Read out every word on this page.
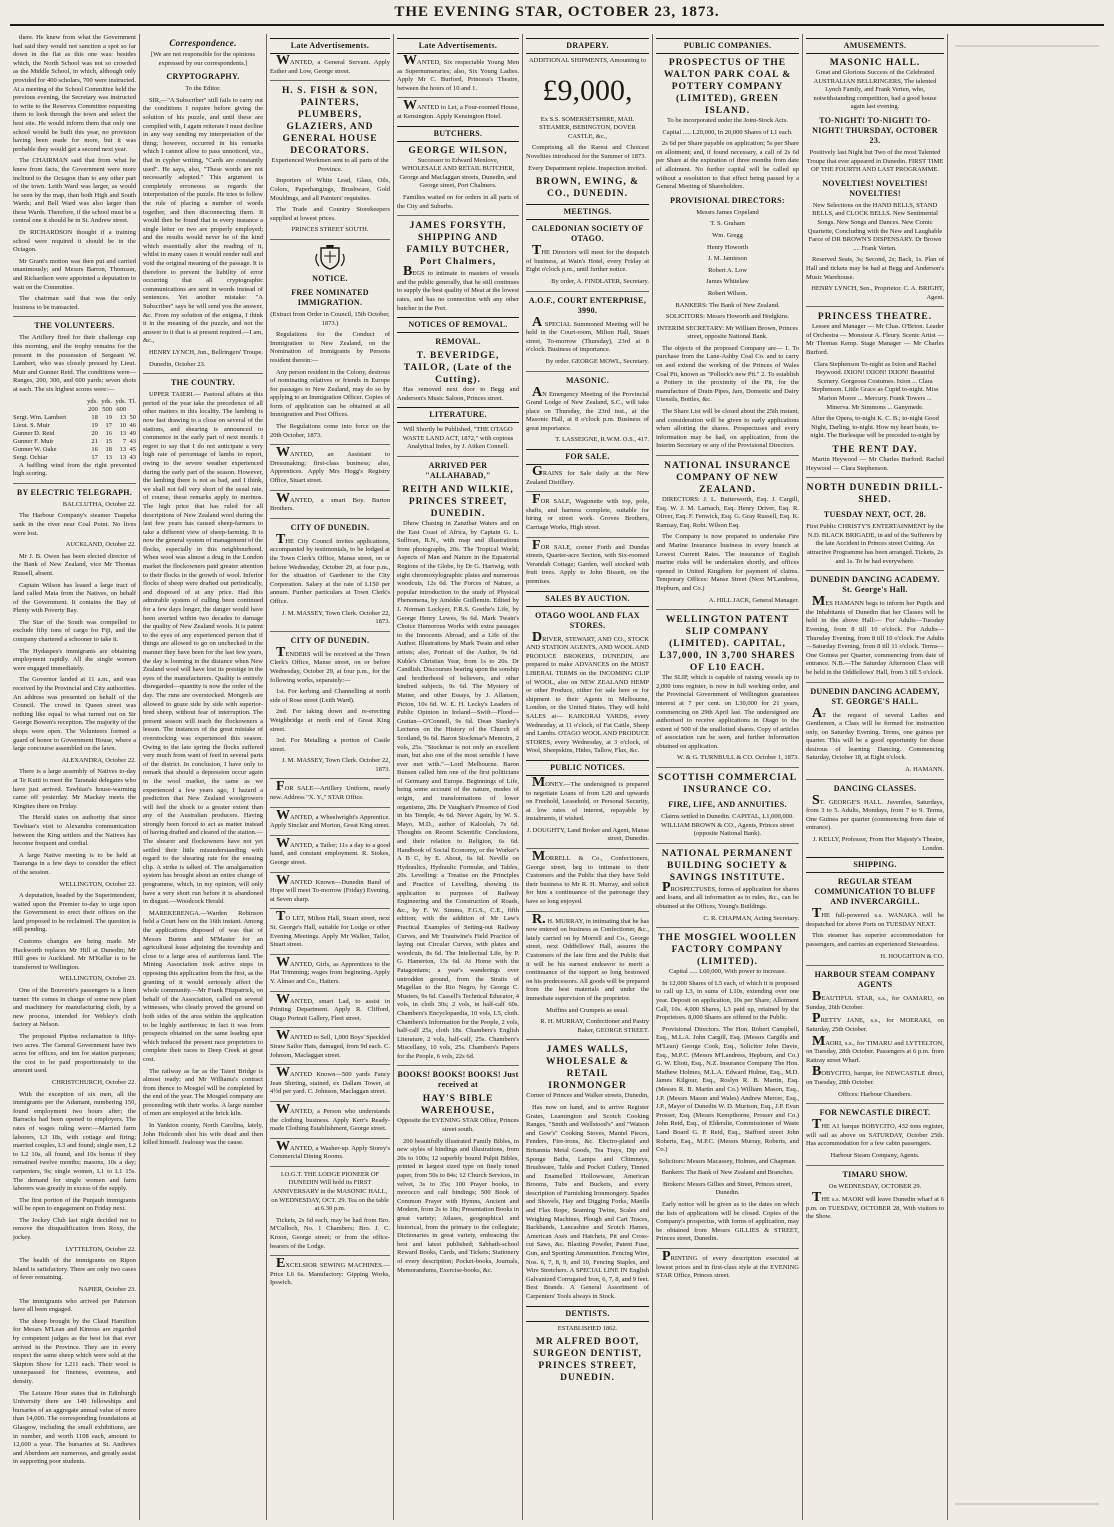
THE EVENING STAR, OCTOBER 23, 1873.

there. He knew from what the Government had said they would not sanction a spot so far down in the flat as this one was: besides which, the North School was not so crowded as the Middle School, in which, although only provided for 400 scholars, 700 were instructed. At a meeting of the School Committee held the previous evening, the Secretary was instructed to write to the Reserves Committee requesting them to look through the town and select the best site. He would inform them that only one school would be built this year, no provision having been made for more, but it was probable they would get a second next year.

The CHAIRMAN said that from what he knew from facts, the Government were more inclined to the Octagon than to any other part of the town. Leith Ward was larger, as would be seen by the map, than both High and South Wards; and Bell Ward was also larger than these Wards. Therefore, if the school must be a central one it should be in St. Andrew street.

Dr RICHARDSON thought if a training school were required it should be in the Octagon.

Mr Grant's motion was then put and carried unanimously; and Messrs Barron, Thomson, and Richardson were appointed a deputation to wait on the Committee.

The chairman said that was the only business to be transacted.

THE VOLUNTEERS.

The Artillery fired for their challenge cup this morning, and the trophy remains for the present in the possession of Sergeant W. Lambert, who was closely pressed by Lieut. Muir and Gunner Reid. The conditions were—Ranges, 200, 300, and 600 yards; seven shots at each. The six highest scores were:—

	yds.	yds.	yds.	Tl.
	200	500	600	
Sergt. Wm. Lambert	18	19	13	50
Lieut. S. Muir	19	17	10	46
Gunner D. Reid	20	16	13	49
Gunner F. Muir	21	15	7	43
Gunner W. Oake	16	18	13	45
Sergt. Ochiar	17	13	13	43

A baffling wind from the right prevented high scoring.

BY ELECTRIC TELEGRAPH.

BALCLUTHA, October 22.

The Harbour Company's steamer Tuapeka sank in the river near Coal Point. No lives were lost.

AUCKLAND, October 22.

Mr J. B. Owen has been elected director of the Bank of New Zealand, vice Mr Thomas Russell, absent.

Captain Wilson has leased a large tract of land called Mata from the Natives, on behalf of the Government. It contains the Bay of Plenty with Poverty Bay.

The Star of the South was compelled to exclude fifty tons of cargo for Fiji, and the company chartered a schooner to take it.

The Hydaspes's immigrants are obtaining employment rapidly. All the single women were engaged immediately.

The Governor landed at 11 a.m., and was received by the Provincial and City authorities. An address was presented on behalf of the Council. The crowd in Queen street was nothing like equal to what turned out on Sir George Bowen's reception. The majority of the shops were open. The Volunteers formed a guard of honor to Government House, where a large concourse assembled on the lawn.

ALEXANDRA, October 22.

There is a large assembly of Natives to-day at Te Kuiti to meet the Taranaki delegates who have just arrived. Tawhiao's house-warming came off yesterday. Mr Mackay meets the Kingites there on Friday.

The Herald states on authority that since Tawhiao's visit to Alexandra communication between the King settlers and the Natives has become frequent and cordial.

A large Native meeting is to be held at Tauranga in a few days to consider the effect of the session.

WELLINGTON, October 22.

A deputation, headed by the Superintendent, waited upon the Premier to-day to urge upon the Government to erect their offices on the land proposed to be reclaimed. The question is still pending.

Customs changes are being made. Mr Hackworth replaces Mr Hill at Dunedin; Mr Hill goes to Auckland. Mr M'Kellar is to be transferred to Wellington.

WELLINGTON, October 23.

One of the Bouverie's passengers is a linen turner. He comes in charge of some new plant and machinery for manufacturing cloth, by a new process, intended for Webley's cloth factory at Nelson.

The proposed Pipitea reclamation is fifty-two acres. The General Government have two acres for offices, and ten for station purposes; the cost to be paid proportionately to the amount used.

CHRISTCHURCH, October 22.

With the exception of six men, all the immigrants per the Adamant, numbering 150, found employment two hours after; the Barracks had been opened to employers. The rates of wages ruling were:—Married farm laborers, L3 18s, with cottage and firing; married couples, L3 and found; single men, L2 to L2 10s, all found, and 10s bonus if they remained twelve months; masons, 10s a day; carpenters, 9s; single women, L1 to L1 15s. The demand for single women and farm laborers was greatly in excess of the supply.

The first portion of the Punjaub immigrants will be open to engagement on Friday next.

The Jockey Club last night decided not to remove the disqualification from Roxy, the jockey.

LYTTELTON, October 22.

The health of the immigrants on Ripon Island is satisfactory. There are only two cases of fever remaining.

NAPIER, October 23.

The immigrants who arrived per Paterson have all been engaged.

The sheep brought by the Claud Hamilton for Messrs M'Lean and Kinross are regarded by competent judges as the best lot that ever arrived in the Province. They are in every respect the same sheep which were sold at the Skipton Show for L211 each. Their wool is unsurpassed for fineness, evenness, and density.

The Leisure Hour states that in Edinburgh University there are 140 fellowships and bursaries of an aggregate annual value of more than 14,000. The corresponding foundations at Glasgow, including the small exhibitions, are in number, and worth 1108 each, amount to 12,600 a year. The bursaries at St. Andrews and Aberdeen are numerous, and greatly assist in supporting poor students.

Correspondence.

[We are not responsible for the opinions expressed by our correspondents.]

CRYPTOGRAPHY.

To the Editor.

SIR,—"A Subscriber" still fails to carry out the conditions I require before giving the solution of his puzzle, and until these are complied with, I again reiterate I must decline in any way sending my interpretation of the thing; however, occurred in his remarks which I cannot allow to pass unnoticed, viz., that in cypher writing, "Cards are constantly used". He says, also, "These words are not necessarily adopted." This argument is completely erroneous as regards the interpretation of the puzzle. He tries to follow the rule of placing a number of words together, and then disconnecting them. It would then be found that in every instance a single letter or two are properly employed; and the results would never be of the kind which essentially alter the reading of it, whilst in many cases it would render null and void the original meaning of the passage. It is therefore to prevent the liability of error occurring that all cryptographic communications are sent in words instead of sentences. Yet another mistake: "A Subscriber" says he will send you the answer, &c. From my solution of the enigma, I think it in the meaning of the puzzle, and not the answer to it that is at present required.—I am, &c.,

HENRY LYNCH, Jun., Bellringers' Troupe.

Dunedin, October 23.

THE COUNTRY.

UPPER TAIERI.— Pastoral affairs at this period of the year take the precedence of all other matters in this locality. The lambing is now fast drawing to a close on several of the stations, and shearing is announced to commence in the early part of next month. I regret to say that I do not anticipate a very high rate of percentage of lambs to report, owing to the severe weather experienced during the early part of the season. However, the lambing there is not as bad, and I think, we shall not fall very short of the usual rate, of course, these remarks apply to merinos. The high price that has ruled for all descriptions of New Zealand wool during the last few years has caused sheep-farmers to take a different view of sheep-farming. It is now the general system of management of the flocks, especially in this neighbourhood. When wool was almost a drug in the London market the flockowners paid greater attention to their flocks in the growth of wool. Inferior flocks of sheep were drafted out periodically, and disposed of at any price. Had this admirable system of culling been continued for a few days longer, the danger would have been averted within two decades to damage the quality of New Zealand wools. It is patent to the eyes of any experienced person that if things are allowed to go on unchecked in the manner they have been for the last few years, the day is looming in the distance when New Zealand wool will have lost its prestige in the eyes of the manufacturers. Quality is entirely disregarded—quantity is now the order of the day. The runs are overstocked. Mongrels are allowed to graze side by side with superior-bred sheep, without fear of interruption. The present season will teach the flockowners a lesson. The instances of the great mistake of overstocking was experienced this season. Owing to the late spring the flocks suffered very much from want of feed in several parts of the district. In conclusion, I have only to remark that should a depression occur again in the wool market, the same as we experienced a few years ago, I hazard a prediction that New Zealand woolgrowers will feel the shock to a greater extent than any of the Australian producers. Having strongly been forced to act as matter instead of having drafted and cleared of the station.—The shearer and flockowners have not yet settled their little misunderstanding with regard to the shearing rate for the ensuing clip. A strike is talked of. The amalgamation system has brought about an entire change of programme, which, in my opinion, will only have a very short run before it is abandoned in disgust.—Woodcock Herald.

MAREKERENGA.—Warden Robinson held a Court here on the 16th instant. Among the applications disposed of was that of Messrs Burton and M'Master for an agricultural lease adjoining the township and close to a large area of auriferous land. The Mining Association took active steps in opposing this application from the first, as the granting of it would seriously affect the whole community.—Mr Frank Fitzpatrick, on behalf of the Association, called on several witnesses, who clearly proved the ground on both sides of the area within the application to be highly auriferous; in fact it was from prospects obtained on the same leading spur which induced the present race proprietors to complete their races to Deep Creek at great cost.

The railway as far as the Taieri Bridge is almost ready; and Mr Williams's contract from thence to Mosgiel will be completed by the end of the year. The Mosgiel company are proceeding with their works. A large number of men are employed at the brick kiln.

In Yankton county, North Carolina, lately, John Holcomb shot his wife dead and then killed himself. Jealousy was the cause.

Late Advertisements.

WANTED, a General Servant. Apply Esther and Low, George street.

H. S. FISH & SON, PAINTERS, PLUMBERS, GLAZIERS, AND GENERAL HOUSE DECORATORS.

Experienced Workmen sent to all parts of the Province.

Importers of White Lead, Glass, Oils, Colors, Paperhangings, Brushware, Gold Mouldings, and all Painters' requisites.

The Trade and Country Storekeepers supplied at lowest prices.

PRINCES STREET SOUTH.

NOTICE.
FREE NOMINATED IMMIGRATION.

(Extract from Order in Council, 15th October, 1873.)

Regulations for the Conduct of Immigration to New Zealand, on the Nomination of Immigrants by Persons resident therein:—

Any person resident in the Colony, desirous of nominating relatives or friends in Europe for passages to New Zealand, may do so by applying to an Immigration Officer. Copies of form of application can be obtained at all Immigration and Post Offices.

The Regulations come into force on the 20th October, 1873.

WANTED, an Assistant to Dressmaking; first-class business; also, Apprentices. Apply Mrs Hogg's Registry Office, Stuart street.

WANTED, a smart Boy. Burton Brothers.

CITY OF DUNEDIN.

THE City Council invites applications, accompanied by testimonials, to be lodged at the Town Clerk's Office, Manse street, on or before Wednesday, October 29, at four p.m., for the situation of Gardener to the City Corporation. Salary at the rate of L150 per annum. Further particulars at Town Clerk's Office.

J. M. MASSEY, Town Clerk. October 22, 1873.

CITY OF DUNEDIN.

TENDERS will be received at the Town Clerk's Office, Manse street, on or before Wednesday, October 29, at four p.m., for the following works, separately:—

1st. For kerbing and Channelling at north side of Rose street (Leith Ward).

2nd. For taking down and re-erecting Weighbridge at north end of Great King street.

3rd. For Metalling a portion of Castle street.

J. M. MASSEY, Town Clerk. October 22, 1873.

FOR SALE—Artillery Uniform, nearly new. Address "X. Y.," STAR Office.

WANTED, a Wheelwright's Apprentice. Apply Sinclair and Morton, Great King street.

WANTED, a Tailor; 11s a day to a good hand, and constant employment. R. Stokes, George street.

WANTED Known—Dunedin Band of Hope will meet To-morrow (Friday) Evening, at Seven sharp.

TO LET, Milton Hall, Stuart street, next St. George's Hall, suitable for Lodge or other Evening Meetings. Apply Mr Walker, Tailor, Stuart street.

WANTED, Girls, as Apprentices to the Hat Trimming; wages from beginning. Apply Y. Almao and Co., Hatters.

WANTED, smart Lad, to assist in Printing Department. Apply R. Clifford, Otago Portrait Gallery, Fleet street.

WANTED to Sell, 1,000 Boys' Speckled Straw Sailor Hats, damaged, from 9d each. C. Johnson, Maclaggan street.

WANTED Known—500 yards Fancy Jean Shirting, stained, ex Dallam Tower, at 4½d per yard. C. Johnson, Maclaggan street.

WANTED, a Person who understands the clothing business. Apply Kerr's Ready-made Clothing Establishment, George street.

WANTED, a Washer-up. Apply Storey's Commercial Dining Rooms.

I.O.G.T. THE LODGE PIONEER OF DUNEDIN Will hold its FIRST ANNIVERSARY in the MASONIC HALL, on WEDNESDAY, OCT. 29. Tea on the table at 6.30 p.m.

Tickets, 2s 6d each, may be had from Bro. M'Culloch, No. 1 Chambers; Bro. J. C. Kroon, George street; or from the office-bearers of the Lodge.

EXCELSIOR SEWING MACHINES.—Price L6 6s. Manufactory: Gipping Works, Ipswich.

Late Advertisements.

WANTED, Six respectable Young Men as Supernumeraries; also, Six Young Ladies. Apply Mr C. Burford, Princess's Theatre, between the hours of 10 and 1.

WANTED to Let, a Four-roomed House, at Kensington. Apply Kensington Hotel.

BUTCHERS.
GEORGE WILSON,

Successor to Edward Menlove, WHOLESALE AND RETAIL BUTCHER, George and Maclaggan streets, Dunedin, and George street, Port Chalmers.

Families waited on for orders in all parts of the City and Suburbs.

JAMES FORSYTH, SHIPPING AND FAMILY BUTCHER, Port Chalmers,

BEGS to intimate to masters of vessels and the public generally, that he still continues to supply the best quality of Meat at the lowest rates, and has no connection with any other butcher in the Port.

NOTICES OF REMOVAL.
REMOVAL.
T. BEVERIDGE, TAILOR, (Late of the Cutting).

Has removed next door to Begg and Anderson's Music Saloon, Princes street.

LITERATURE.

Will Shortly be Published, "THE OTAGO WASTE LAND ACT, 1872," with copious Analytical Index, by J. Aitken Connell.

ARRIVED PER "ALLAHABAD,"
REITH AND WILKIE, PRINCES STREET, DUNEDIN.

Dhow Chasing in Zanzibar Waters and on the East Coast of Africa, by Captain G. L. Sullivan, R.N., with map and illustrations from photographs, 20s. The Tropical World; Aspects of Man and Nature in the Equatorial Regions of the Globe, by Dr G. Hartwig, with eight chromoxylographic plates and numerous woodcuts, 12s 6d. The Forces of Nature, a popular introduction to the study of Physical Phenomena, by Amédée Guillemin. Edited by J. Norman Lockyer, F.R.S. Goethe's Life, by George Henry Lewes, 9s 6d. Mark Twain's Choice Humorous Works with extra passages to the Innocents Abroad, and a Life of the Author. Illustrations by Mark Twain and other artists; also, Portrait of the Author, 9s 6d. Kuble's Christian Year, from 1s to 20s. Dr Candlish. Discourses bearing upon the sonship and brotherhood of believers, and other kindred subjects, 9s 6d. The Mystery of Matter, and other Essays, by J. Allanson, Picton, 10s 6d. W. E. H. Lecky's Leaders of Public Opinion in Ireland—Swift—Flood—Grattan—O'Connell, 9s 6d. Dean Stanley's Lectures on the History of the Church of Scotland, 9s 6d. Baron Stockmar's Memoirs, 2 vols, 25s. "Stockmar is not only an excellent man, but also one of the most sensible I have ever met with."—Lord Melbourne. Baron Bunsen called him one of the first politicians of Germany and Europe. Beginnings of Life, being some account of the nature, modes of origin, and transformations of lower organisms, 28s. Dr Vaughan's Presence of God in his Temple, 4s 6d. Never Again, by W. S. Mayo, M.D., author of Kaloolah, 7s 6d. Thoughts on Recent Scientific Conclusions, and their relation to Religion, 6s 6d. Handbook of Social Economy, or the Worker's A B C, by E. About, 6s 6d. Neville on Hydraulics, Hydraulic Formulæ, and Tables, 20s. Levelling: a Treatise on the Principles and Practice of Levelling, showing its application to purposes of Railway Engineering and the Construction of Roads, &c., by F. W. Simms, F.G.S., C.E., fifth edition; with the addition of Mr Law's Practical Examples of Setting-out Railway Curves, and Mr Trautwine's Field Practice of laying out Circular Curves, with plates and woodcuts, 8s 6d. The Intellectual Life, by P. G. Hamerton, 13s 6d. At Home with the Patagonians; a year's wanderings over untrodden ground, from the Straits of Magellan to the Rio Negro, by George C. Musters, 9s 6d. Cassell's Technical Educator, 4 vols, in cloth 30s; 2 vols, in half-calf 60s. Chambers's Encyclopaedia, 10 vols, L5, cloth. Chambers's Information for the People, 2 vols, half-calf 25s, cloth 18s. Chambers's English Literature, 2 vols, half-calf, 25s. Chambers's Miscellany, 10 vols, 25s. Chambers's Papers for the People, 6 vols, 22s 6d.

BOOKS! BOOKS! BOOKS! Just received at
HAY'S BIBLE WAREHOUSE,

Opposite the EVENING STAR Office, Princes street south.

200 beautifully illustrated Family Bibles, in new styles of bindings and illustrations, from 20s to 100s; 12 superbly bound Pulpit Bibles, printed in largest sized type on finely toned paper, from 50s to 84s; 12 Church Services, in velvet, 3s to 35s; 100 Prayer books, in morocco and calf bindings; 500 Book of Common Prayer with Hymns, Ancient and Modern, from 2s to 18s; Presentation Books in great variety; Atlases, geographical and historical, from the primary to the collegiate; Dictionaries in great variety, embracing the best and latest published; Sabbath-school Reward Books, Cards, and Tickets; Stationery of every description; Pocket-books, Journals, Memorandums, Exercise-books, &c.

DRAPERY.

ADDITIONAL SHIPMENTS, Amounting to

£9,000,

Ex S.S. SOMERSETSHIRE, MAIL STEAMER, BEBINGTON, DOVER CASTLE, &c.,

Comprising all the Rarest and Choicest Novelties introduced for the Summer of 1873.

Every Department replete. Inspection invited.

BROWN, EWING, & CO., DUNEDIN.
MEETINGS.
CALEDONIAN SOCIETY OF OTAGO.

THE Directors will meet for the despatch of business, at Wain's Hotel, every Friday at Eight o'clock p.m., until further notice.

By order, A. FINDLATER, Secretary.

A.O.F., COURT ENTERPRISE, 3990.

A SPECIAL Summoned Meeting will be held in the Court-room, Milton Hall, Stuart street, To-morrow (Thursday), 23rd at 8 o'clock. Business of importance.

By order. GEORGE MOWL, Secretary.

MASONIC.

AN Emergency Meeting of the Provincial Grand Lodge of New Zealand, S.C., will take place on Thursday, the 23rd inst., at the Masonic Hall, at 8 o'clock p.m. Business of great importance.

T. LASSEIGNE, R.W.M. O.S., 417.

FOR SALE.

GRAINS for Sale daily at the New Zealand Distillery.

FOR SALE, Wagonette with top, pole, shafts, and harness complete, suitable for hiring or street work. Groves Brothers, Carriage Works, High street.

FOR SALE, corner Forth and Dundas streets, Quarter-acre Section, with Six-roomed Verandah Cottage; Garden, well stocked with fruit trees. Apply to John Bissett, on the premises.

SALES BY AUCTION.
OTAGO WOOL AND FLAX STORES.

DRIVER, STEWART, AND CO., STOCK AND STATION AGENTS, AND WOOL AND PRODUCE BROKERS, DUNEDIN, are prepared to make ADVANCES on the MOST LIBERAL TERMS on the INCOMING CLIP of WOOL, also on NEW ZEALAND HEMP or other Produce, either for sale here or for shipment to their Agents in Melbourne, London, or the United States. They will hold SALES at— KAIKORAI YARDS, every Wednesday, at 11 o'clock, of Fat Cattle, Sheep and Lambs. OTAGO WOOL AND PRODUCE STORES, every Wednesday, at 3 o'clock, of Wool, Sheepskins, Hides, Tallow, Flax, &c.

PUBLIC NOTICES.

MONEY.—The undersigned is prepared to negotiate Loans of from L20 and upwards on Freehold, Leasehold, or Personal Security, at low rates of interest, repayable by instalments, if wished.

J. DOUGHTY, Land Broker and Agent, Manse street, Dunedin.

MORRELL & Co., Confectioners, George street, beg to intimate to their Customers and the Public that they have Sold their business to Mr R. H. Murray, and solicit for him a continuance of the patronage they have so long enjoyed.

R. H. MURRAY, in intimating that he has now entered on business as Confectioner, &c., lately carried on by Morrell and Co., George street, next Oddfellows' Hall, assures the Customers of the late firm and the Public that it will be his earnest endeavor to merit a continuance of the support so long bestowed on his predecessors. All goods will be prepared from the best materials and under the immediate supervision of the proprietor.

Muffins and Crumpets as usual.

R. H. MURRAY, Confectioner and Pastry Baker, GEORGE STREET.

JAMES WALLS, WHOLESALE & RETAIL IRONMONGER

Corner of Princes and Walker streets, Dunedin,

Has now on hand, and to arrive Register Grates, Leamington and Scotch Cooking Ranges, "Smith and Wellstood's" and "Watson and Gow's" Cooking Stoves, Mantel Pieces, Fenders, Fire-irons, &c. Electro-plated and Britannia Metal Goods, Tea Trays, Dip and Sponge Baths, Lamps and Chimneys, Brushware, Table and Pocket Cutlery, Tinned and Enamelled Hollowware, American Brooms, Tubs and Buckets, and every description of Furnishing Ironmongery. Spades and Shovels, Hay and Digging Forks, Manila and Flax Rope, Seaming Twine, Scales and Weighing Machines, Plough and Cart Traces, Backbands, Lancashire and Scotch Hames, American Axes and Hatchets, Pit and Cross-cut Saws, &c. Blasting Powder, Patent Fuse, Gun, and Sporting Ammunition. Fencing Wire, Nos. 6, 7, 8, 9, and 10, Fencing Staples, and Wire Stretchers. A SPECIAL LINE IN English Galvanized Corrugated Iron, 6, 7, 8, and 9 feet. Best Brands. A General Assortment of Carpenters' Tools always in Stock.

DENTISTS.

ESTABLISHED 1862.

MR ALFRED BOOT, SURGEON DENTIST, PRINCES STREET, DUNEDIN.
PUBLIC COMPANIES.
PROSPECTUS OF THE WALTON PARK COAL & POTTERY COMPANY (LIMITED), GREEN ISLAND.

To be incorporated under the Joint-Stock Acts.

Capital ..... L20,000, In 20,000 Shares of L1 each.

2s 6d per Share payable on application; 5s per Share on allotment; and, if found necessary, a call of 2s 6d per Share at the expiration of three months from date of allotment. No further capital will be called up without a resolution to that effect being passed by a General Meeting of Shareholders.

PROVISIONAL DIRECTORS:

Messrs James Copeland

T. S. Graham

Wm. Gregg

Henry Howorth

J. M. Jamieson

Robert A. Low

James Whitelaw

Robert Wilson.

BANKERS: The Bank of New Zealand.

SOLICITORS: Messrs Howorth and Hodgkins.

INTERIM SECRETARY: Mr William Brown, Princes street, opposite National Bank.

The objects of the proposed Company are— 1. To purchase from the Lane-Ashby Coal Co. and to carry on and extend the working of the Princes of Wales Coal Pit, known as "Pollock's new Pit." 2. To establish a Pottery in the proximity of the Pit, for the manufacture of Drain Pipes, Jars, Domestic and Dairy Utensils, Bottles, &c.

The Share List will be closed about the 25th instant, and consideration will be given to early applications when allotting the shares. Prospectuses and every information may be had, on application, from the Interim Secretary or any of the Provisional Directors.

NATIONAL INSURANCE COMPANY OF NEW ZEALAND.

DIRECTORS: J. L. Butterworth, Esq. J. Cargill, Esq. W. J. M. Larnach, Esq. Henry Driver, Esq. R. Oliver, Esq. F. Fenwick, Esq. G. Gray Russell, Esq. K. Ramsay, Esq. Robt. Wilson Esq.

The Company is now prepared to undertake Fire and Marine Insurance business in every branch at Lowest Current Rates. The insurance of English marine risks will be undertaken shortly, and offices opened in United Kingdom for payment of claims. Temporary Offices: Manse Street (Next M'Landress, Hepburn, and Co.)

A. HILL JACK, General Manager.

WELLINGTON PATENT SLIP COMPANY (LIMITED). CAPITAL, L37,000, IN 3,700 SHARES OF L10 EACH.

The SLIP, which is capable of raising vessels up to 2,000 tons register, is now in full working order, and the Provincial Government of Wellington guarantees interest at 7 per cent. on L30,000 for 21 years, commencing on 29th April last. The undersigned are authorised to receive applications in Otago to the extent of 500 of the unallotted shares. Copy of articles of association can be seen, and further information obtained on application.

W. & G. TURNBULL & CO. October 1, 1873.

SCOTTISH COMMERCIAL INSURANCE CO.
FIRE, LIFE, AND ANNUITIES.

Claims settled in Dunedin. CAPITAL, L1,000,000. WILLIAM BROWN & CO., Agents, Princes street (opposite National Bank).

NATIONAL PERMANENT BUILDING SOCIETY & SAVINGS INSTITUTE.

PROSPECTUSES, forms of application for shares and loans, and all information as to rules, &c., can be obtained at the Offices, Young's Buildings.

C. R. CHAPMAN, Acting Secretary.

THE MOSGIEL WOOLLEN FACTORY COMPANY (LIMITED).

Capital ..... L60,000, With power to increase.

In 12,000 Shares of L5 each, of which it is proposed to call up L3, in sums of L10s, extending over one year. Deposit on application, 10s per Share; Allotment Call, 10s. 4,000 Shares, L3 paid up, retained by the Proprietors. 8,000 Shares are offered to the Public.

Provisional Directors. The Hon. Robert Campbell, Esq., M.L.A. John Cargill, Esq. (Messrs Cargills and M'Lean) George Cook, Esq., Solicitor John Davie, Esq., M.P.C. (Messrs M'Landress, Hepburn, and Co.) G. W. Eliott, Esq., N.Z. Insurance Company The Hon. Mathew Holmes, M.L.A. Edward Hulme, Esq., M.D. James Kilgour, Esq., Roslyn R. B. Martin, Esq. (Messrs R. B. Martin and Co.) William Mason, Esq., J.P. (Messrs Mason and Wales) Andrew Mercer, Esq., J.P., Mayor of Dunedin W. D. Murison, Esq., J.P. Evan Prosser, Esq. (Messrs Kempthorne, Prosser and Co.) John Reid, Esq., of Elderslie, Commissioner of Waste Land Board G. P. Reid, Esq., Stafford street John Roberts, Esq., M.P.C. (Messrs Murray, Roberts, and Co.)

Solicitors: Messrs Macassey, Holmes, and Chapman.

Bankers: The Bank of New Zealand and Branches.

Brokers: Messrs Gillies and Street, Princes street, Dunedin.

Early notice will be given as to the dates on which the lists of applications will be closed. Copies of the Company's prospectus, with forms of application, may be obtained from Messrs GILLIES & STREET, Princes street, Dunedin.

PRINTING of every description executed at lowest prices and in first-class style at the EVENING STAR Office, Princes street.

AMUSEMENTS.
MASONIC HALL.

Great and Glorious Success of the Celebrated AUSTRALIAN BELLRINGERS, The talented Lynch Family, and Frank Verten, who, notwithstanding competition, had a good house again last evening.

TO-NIGHT! TO-NIGHT! TO-NIGHT! THURSDAY, OCTOBER 23.

Positively last Night but Two of the most Talented Troupe that ever appeared in Dunedin. FIRST TIME OF THE FOURTH AND LAST PROGRAMME.

NOVELTIES! NOVELTIES! NOVELTIES!

New Selections on the HAND BELLS, STAND BELLS, and CLOCK BELLS. New Sentimental Songs. New Songs and Dances. New Comic Quartette, Concluding with the New and Laughable Farce of DR BROWN'S DISPENSARY. Dr Brown .... Frank Verten.

Reserved Seats, 3s; Second, 2s; Back, 1s. Plan of Hall and tickets may be had at Begg and Anderson's Music Warehouse.

HENRY LYNCH, Sen., Proprietor. C. A. BRIGHT, Agent.

PRINCESS THEATRE.

Lessee and Manager — Mr Chas. O'Brion. Leader of Orchestra — Monsieur A. Fleury. Scenic Artist — Mr Thomas Kemp. Stage Manager — Mr Charles Burford.

Clara Stephenson To-night as Ixion and Rachel Heywood. IXION! IXION! IXION! Beautiful Scenery. Gorgeous Costumes. Ixion ... Clara Stephenson. Little Grace as Cupid to-night. Miss Marion Moore ... Mercury. Frank Towers ... Minerva. Mr Simmons ... Ganymede.

After the Opera, to-night K. C. B.; to-night Good Night, Darling, to-night. How my heart beats, to-night. The Burlesque will be preceded to-night by

THE RENT DAY.

Martin Heywood — Mr Charles Burford. Rachel Heywood — Clara Stephenson.

NORTH DUNEDIN DRILL-SHED.
TUESDAY NEXT, OCT. 28.

First Public CHRISTY'S ENTERTAINMENT by the N.D. BLACK BRIGADE, in aid of the Sufferers by the late Accident in Princes street Cutting. An attractive Programme has been arranged. Tickets, 2s and 1s. To be had everywhere.

DUNEDIN DANCING ACADEMY. St. George's Hall.

MES HAMANN begs to inform her Pupils and the Inhabitants of Dunedin that her Classes will be held in the above Hall:— For Adults—Tuesday Evening, from 8 till 10 o'clock. For Adults—Thursday Evening, from 8 till 10 o'clock. For Adults—Saturday Evening, from 8 till 11 o'clock. Terms—One Guinea per Quarter, commencing from date of entrance. N.B.—The Saturday Afternoon Class will be held in the Oddfellows' Hall, from 3 till 5 o'clock.

DUNEDIN DANCING ACADEMY, ST. GEORGE'S HALL.

AT the request of several Ladies and Gentlemen, a Class will be formed for instruction only, on Saturday Evening. Terms, one guinea per quarter. This will be a good opportunity for those desirous of learning Dancing. Commencing Saturday, October 18, at Eight o'clock.

A. HAMANN.

DANCING CLASSES.

ST. GEORGE'S HALL. Juveniles, Saturdays, from 3 to 5. Adults, Mondays, from 7 to 9. Terms, One Guinea per quarter (commencing from date of entrance).

J. KELLY, Professor, From Her Majesty's Theatre, London.

SHIPPING.
REGULAR STEAM COMMUNICATION TO BLUFF AND INVERCARGILL.

THE full-powered s.s. WANAKA will be despatched for above Ports on TUESDAY NEXT.

This steamer has superior accommodation for passengers, and carries an experienced Stewardess.

H. HOUGHTON & CO.

HARBOUR STEAM COMPANY AGENTS

BEAUTIFUL STAR, s.s., for OAMARU, on Sunday, 26th October.

PRETTY JANE, s.s., for MOERAKI, on Saturday, 25th October.

MAORI, s.s., for TIMARU and LYTTELTON, on Tuesday, 28th October. Passengers at 6 p.m. from Rattray street Wharf.

BOBYCITO, barque, for NEWCASTLE direct, on Tuesday, 28th October.

Offices: Harbour Chambers.

FOR NEWCASTLE DIRECT.

THE A1 barque BOBYCITO, 432 tons register, will sail as above on SATURDAY, October 25th. Has accommodation for a few cabin passengers.

Harbour Steam Company, Agents.

TIMARU SHOW.

On WEDNESDAY, OCTOBER 29.

THE s.s. MAORI will leave Dunedin wharf at 6 p.m. on TUESDAY, OCTOBER 28, With visitors to the Show.
